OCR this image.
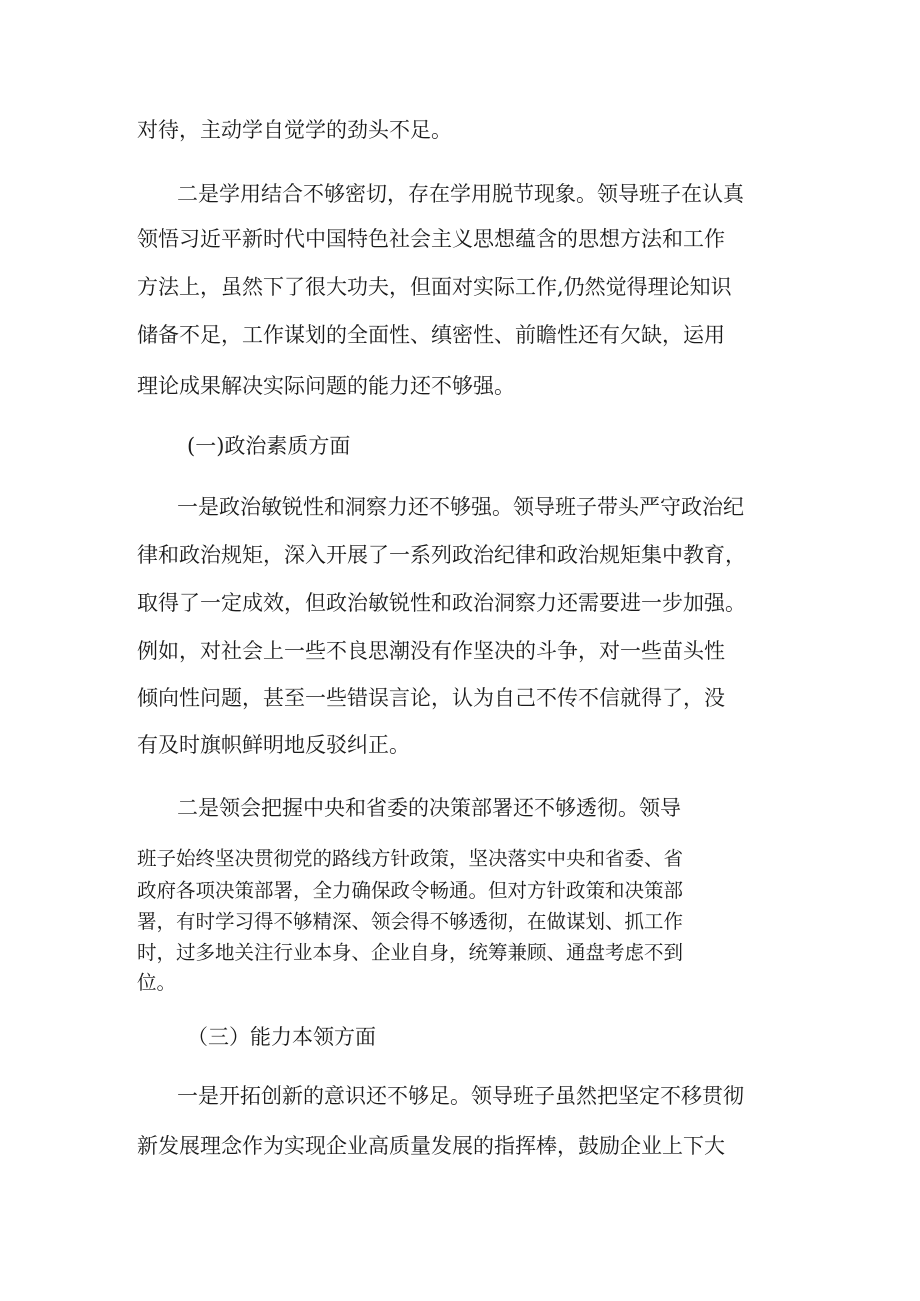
对待，主动学自觉学的劲头不足。

二是学用结合不够密切，存在学用脱节现象。领导班子在认真

领悟习近平新时代中国特色社会主义思想蕴含的思想方法和工作

方法上，虽然下了很大功夫，但面对实际工作,仍然觉得理论知识

储备不足，工作谋划的全面性、缜密性、前瞻性还有欠缺，运用

理论成果解决实际问题的能力还不够强。

(一)政治素质方面

一是政治敏锐性和洞察力还不够强。领导班子带头严守政治纪

律和政治规矩，深入开展了一系列政治纪律和政治规矩集中教育，

取得了一定成效，但政治敏锐性和政治洞察力还需要进一步加强。

例如，对社会上一些不良思潮没有作坚决的斗争，对一些苗头性

倾向性问题，甚至一些错误言论，认为自己不传不信就得了，没

有及时旗帜鲜明地反驳纠正。

二是领会把握中央和省委的决策部署还不够透彻。领导

班子始终坚决贯彻党的路线方针政策，坚决落实中央和省委、省

政府各项决策部署，全力确保政令畅通。但对方针政策和决策部

署，有时学习得不够精深、领会得不够透彻，在做谋划、抓工作

时，过多地关注行业本身、企业自身，统筹兼顾、通盘考虑不到

位。

（三）能力本领方面

一是开拓创新的意识还不够足。领导班子虽然把坚定不移贯彻

新发展理念作为实现企业高质量发展的指挥棒，鼓励企业上下大
